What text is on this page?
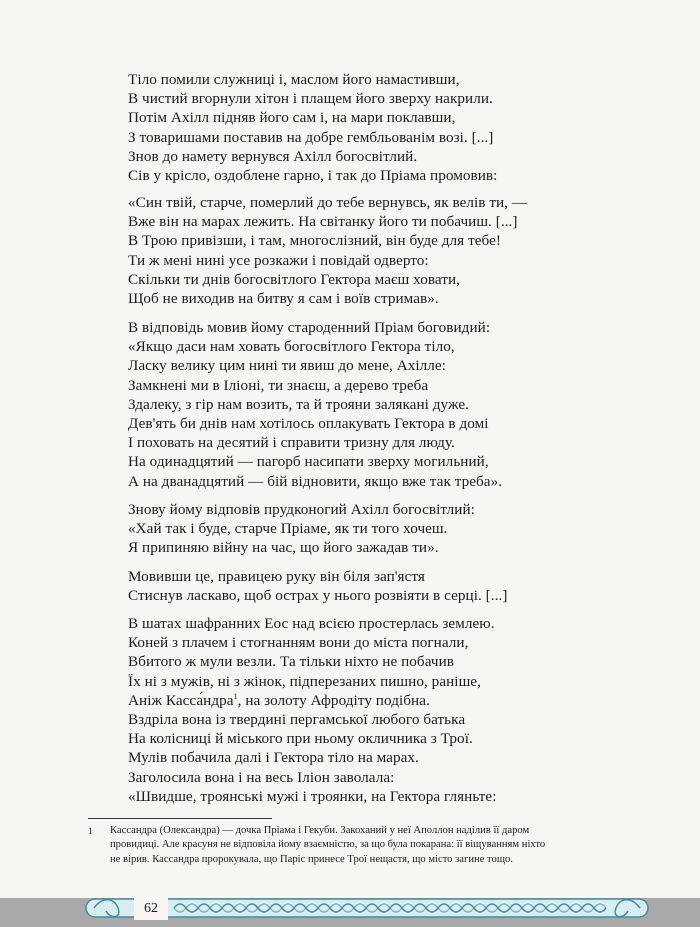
Тіло помили служниці і, маслом його намастивши,
В чистий вгорнули хітон і плащем його зверху накрили.
Потім Ахілл підняв його сам і, на мари поклавши,
З товаришами поставив на добре гембльованім возі. [...]
Знов до намету вернувся Ахілл богосвітлий.
Сів у крісло, оздоблене гарно, і так до Пріама промовив:
«Син твій, старче, померлий до тебе вернувсь, як велів ти, —
Вже він на марах лежить. На світанку його ти побачиш. [...]
В Трою привізши, і там, многослізний, він буде для тебе!
Ти ж мені нині усе розкажи і повідай одверто:
Скільки ти днів богосвітлого Гектора маєш ховати,
Щоб не виходив на битву я сам і воїв стримав».
В відповідь мовив йому староденний Пріам боговидий:
«Якщо даси нам ховать богосвітлого Гектора тіло,
Ласку велику цим нині ти явиш до мене, Ахілле:
Замкнені ми в Іліоні, ти знаєш, а дерево треба
Здалеку, з гір нам возить, та й трояни залякані дуже.
Дев'ять би днів нам хотілось оплакувать Гектора в домі
І поховать на десятий і справити тризну для люду.
На одинадцятий — пагорб насипати зверху могильний,
А на дванадцятий — бій відновити, якщо вже так треба».
Знову йому відповів прудконогий Ахілл богосвітлий:
«Хай так і буде, старче Пріаме, як ти того хочеш.
Я припиняю війну на час, що його зажадав ти».
Мовивши це, правицею руку він біля зап'ястя
Стиснув ласкаво, щоб острах у нього розвіяти в серці. [...]
В шатах шафранних Еос над всією простерлась землею.
Коней з плачем і стогнанням вони до міста погнали,
Вбитого ж мули везли. Та тільки ніхто не побачив
Їх ні з мужів, ні з жінок, підперезаних пишно, раніше,
Аніж Касса́ндра$^1$, на золоту Афродіту подібна.
Вздріла вона із твердині пергамської любого батька
На колісниці й міського при ньому окличника з Трої.
Мулів побачила далі і Гектора тіло на марах.
Заголосила вона і на весь Іліон заволала:
«Швидше, троянські мужі і троянки, на Гектора гляньте:
1 Кассандра (Олександра) — дочка Пріама і Гекуби. Закоханий у неї Аполлон наділив її даром
провидиці. Але красуня не відповіла йому взаємністю, за що була покарана: її віщуванням ніхто
не вірив. Кассандра пророкувала, що Паріс принесе Трої нещастя, що місто загине тощо.
62
